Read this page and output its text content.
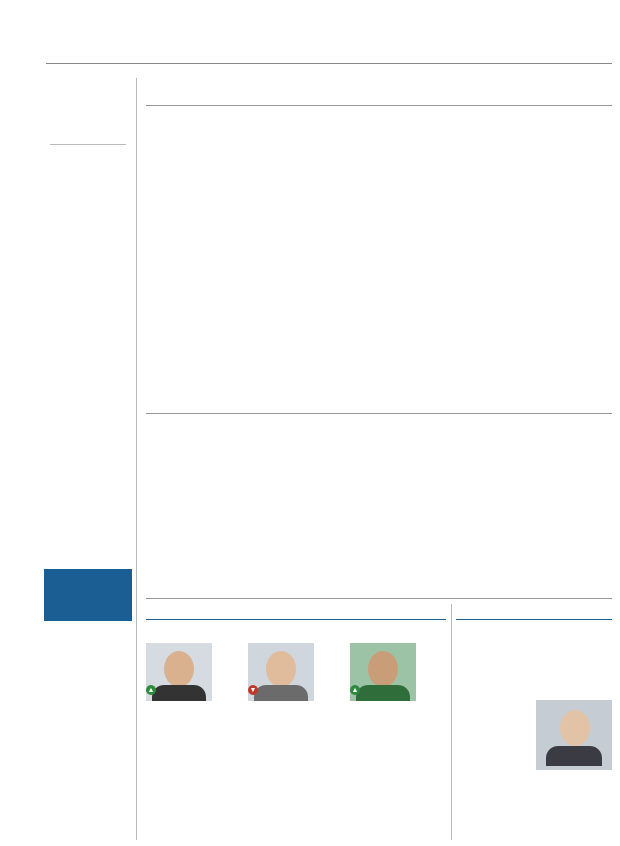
▲	▼	▲
